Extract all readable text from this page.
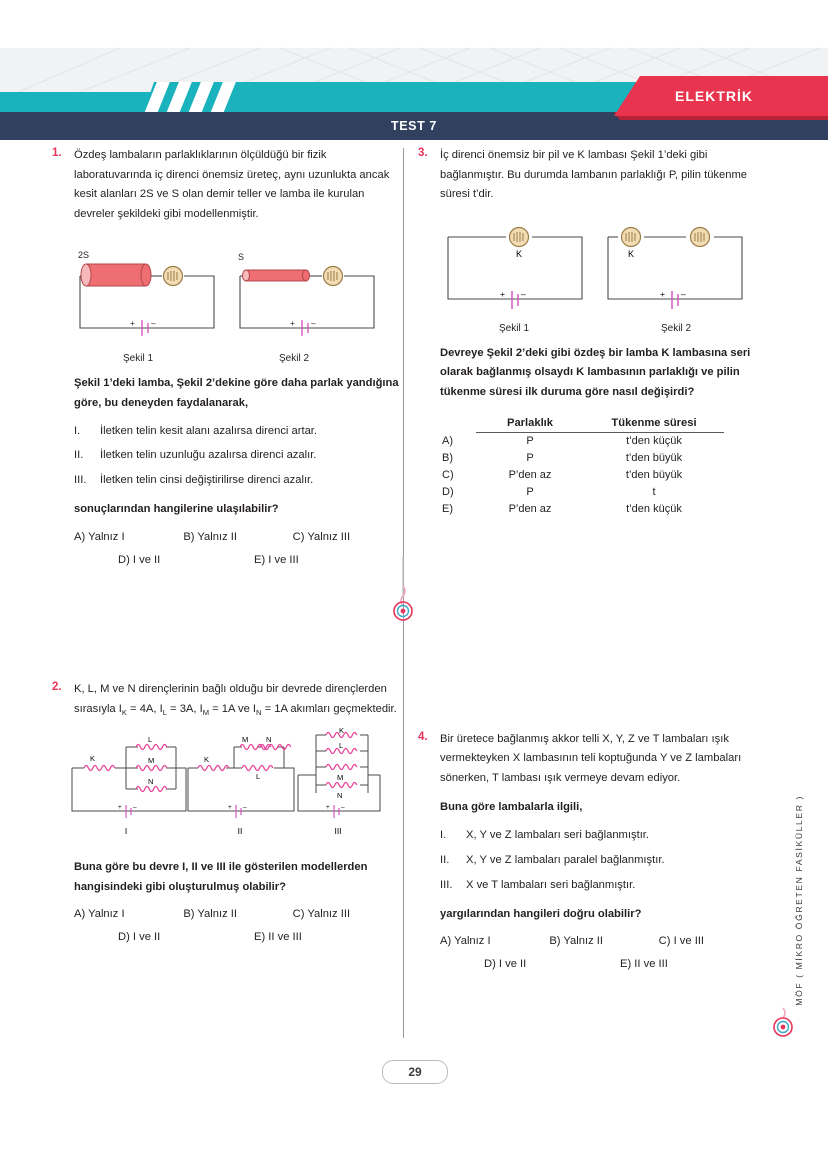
TEST 7
ELEKTRİK
1.	Özdeş lambaların parlaklıklarının ölçüldüğü bir fizik laboratuvarında iç direnci önemsiz üreteç, aynı uzunlukta ancak kesit alanları 2S ve S olan demir teller ve lamba ile kurulan devreler şekildeki gibi modellenmiştir.
2S
+ –
S
+ –
Şekil 1	Şekil 2
Şekil 1’deki lamba, Şekil 2’dekine göre daha parlak yandığına göre, bu deneyden faydalanarak,
I.	İletken telin kesit alanı azalırsa direnci artar.
II.	İletken telin uzunluğu azalırsa direnci azalır.
III.	İletken telin cinsi değiştirilirse direnci azalır.
sonuçlarından hangilerine ulaşılabilir?
A) Yalnız I	B) Yalnız II	C) Yalnız III
D) I ve II	E) I ve III
2.	K, L, M ve N dirençlerinin bağlı olduğu bir devrede dirençlerden sırasıyla $I_K = 4A$, $I_L = 3A$, $I_M = 1A$ ve $I_N = 1A$ akımları geçmektedir.
K
L
M
N
+ –
I
K
M N
L
+ –
II
K
L
M
N
+ –
III
Buna göre bu devre I, II ve III ile gösterilen modellerden hangisindeki gibi oluşturulmuş olabilir?
A) Yalnız I	B) Yalnız II	C) Yalnız III
D) I ve II	E) II ve III
3.	İç direnci önemsiz bir pil ve K lambası Şekil 1’deki gibi bağlanmıştır. Bu durumda lambanın parlaklığı P, pilin tükenme süresi t’dir.
K
+ –
K
+ –
Şekil 1	Şekil 2
Devreye Şekil 2’deki gibi özdeş bir lamba K lambasına seri olarak bağlanmış olsaydı K lambasının parlaklığı ve pilin tükenme süresi ilk duruma göre nasıl değişirdi?
	Parlaklık	Tükenme süresi
A)	P	t’den küçük
B)	P	t’den büyük
C)	P’den az	t’den büyük
D)	P	t
E)	P’den az	t’den küçük
4.	Bir üretece bağlanmış akkor telli X, Y, Z ve T lambaları ışık vermekteyken X lambasının teli koptuğunda Y ve Z lambaları sönerken, T lambası ışık vermeye devam ediyor.
Buna göre lambalarla ilgili,
I.	X, Y ve Z lambaları seri bağlanmıştır.
II.	X, Y ve Z lambaları paralel bağlanmıştır.
III.	X ve T lambaları seri bağlanmıştır.
yargılarından hangileri doğru olabilir?
A) Yalnız I	B) Yalnız II	C) I ve III
D) I ve II	E) II ve III	MÖF ( MİKRO ÖĞRETEN FASİKÜLLER )
29
